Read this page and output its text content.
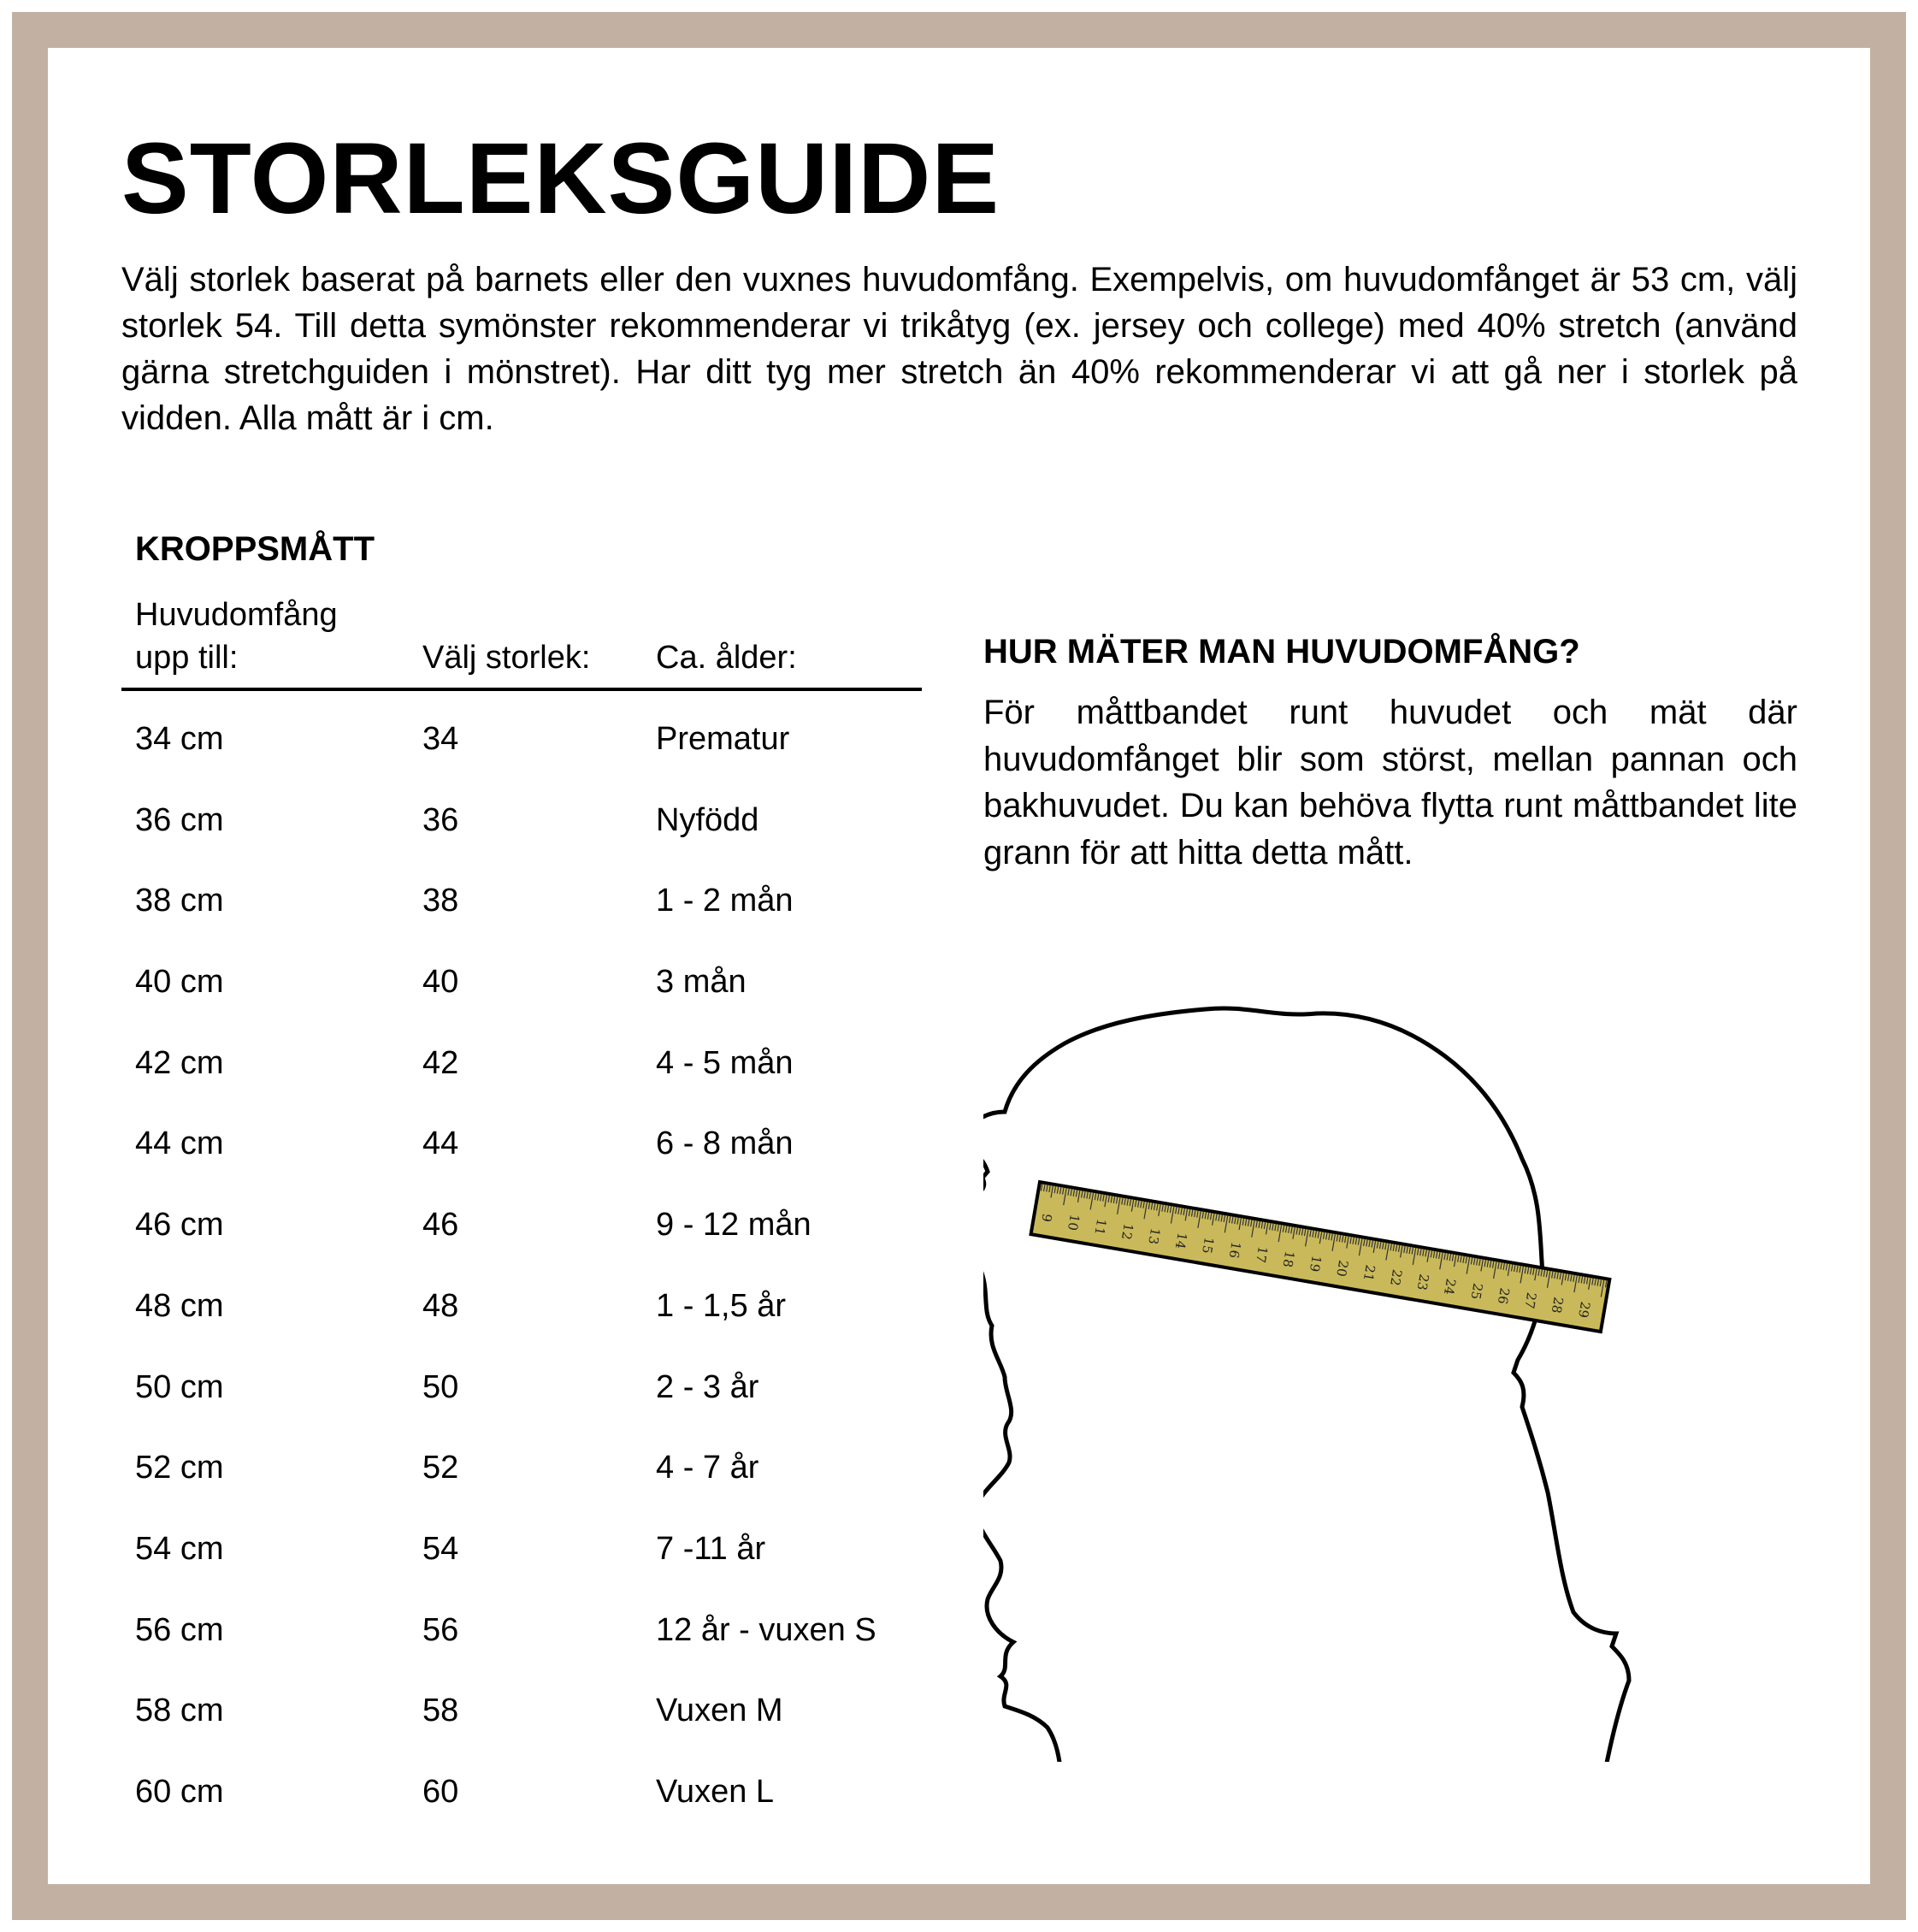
STORLEKSGUIDE

Välj storlek baserat på barnets eller den vuxnes huvudomfång. Exempelvis, om huvudomfånget är 53 cm, välj storlek 54. Till detta symönster rekommenderar vi trikåtyg (ex. jersey och college) med 40% stretch (använd gärna stretchguiden i mönstret). Har ditt tyg mer stretch än 40% rekommenderar vi att gå ner i storlek på vidden. Alla mått är i cm.

KROPPSMÅTT
Huvudomfång upp till:	Välj storlek: Ca. ålder:
34 cm	34	Prematur
36 cm	36	Nyfödd
38 cm	38	1 - 2 mån
40 cm	40	3 mån
42 cm	42	4 - 5 mån
44 cm	44	6 - 8 mån
46 cm	46	9 - 12 mån
48 cm	48	1 - 1,5 år
50 cm	50	2 - 3 år
52 cm	52	4 - 7 år
54 cm	54	7 -11 år
56 cm	56	12 år - vuxen S
58 cm	58	Vuxen M
60 cm	60	Vuxen L
HUR MÄTER MAN HUVUDOMFÅNG?

För måttbandet runt huvudet och mät där huvudomfånget blir som störst, mellan pannan och bakhuvudet. Du kan behöva flytta runt måttbandet lite grann för att hitta detta mått.

9 10 11 12 13 14 15 16 17 18 19 20 21 22 23 24 25 26 27 28 29
